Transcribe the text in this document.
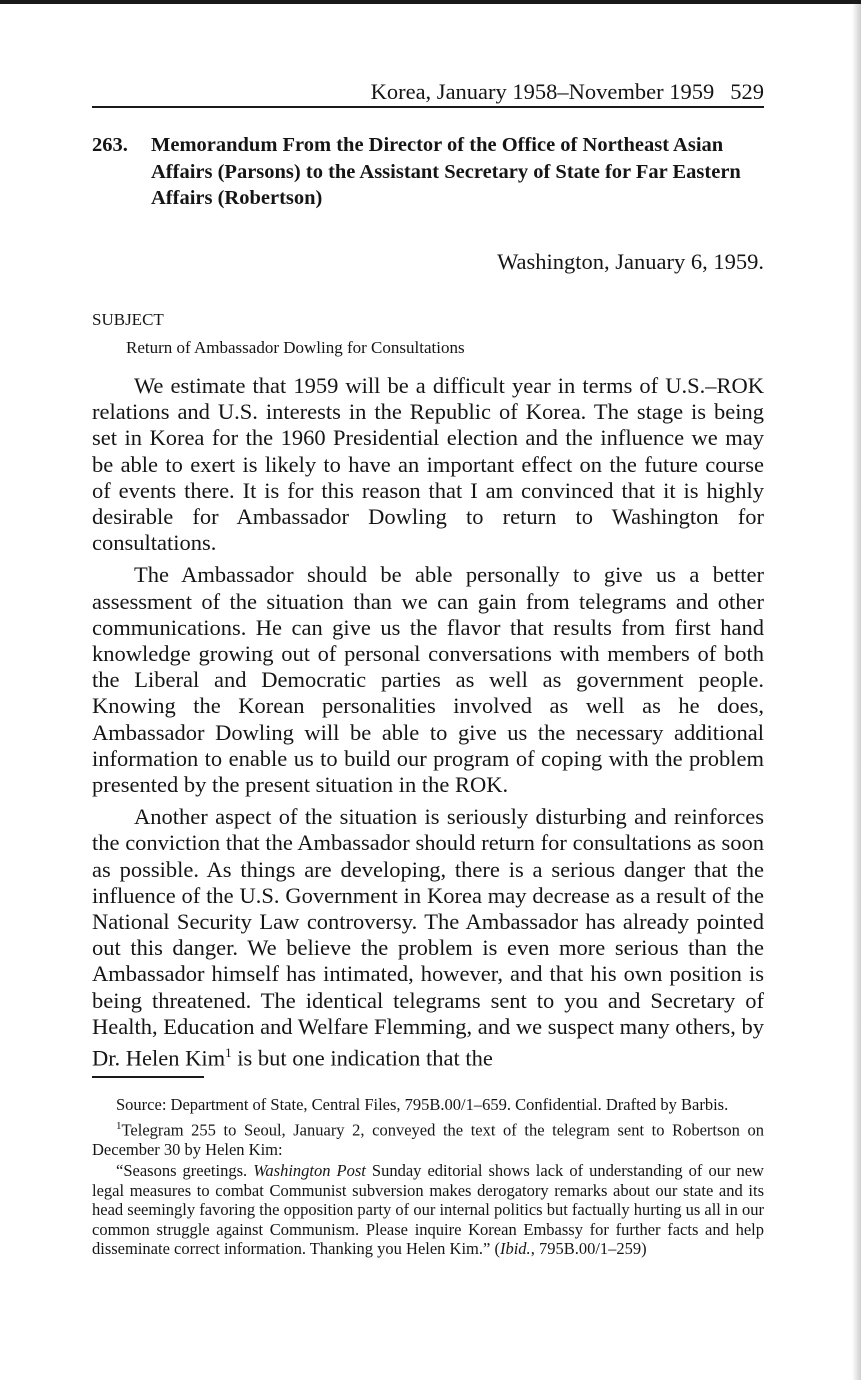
Korea, January 1958–November 1959 529
263. Memorandum From the Director of the Office of Northeast Asian Affairs (Parsons) to the Assistant Secretary of State for Far Eastern Affairs (Robertson)
Washington, January 6, 1959.
SUBJECT
Return of Ambassador Dowling for Consultations

We estimate that 1959 will be a difficult year in terms of U.S.–ROK relations and U.S. interests in the Republic of Korea. The stage is being set in Korea for the 1960 Presidential election and the influence we may be able to exert is likely to have an important effect on the future course of events there. It is for this reason that I am convinced that it is highly desirable for Ambassador Dowling to return to Washington for consultations.

The Ambassador should be able personally to give us a better assessment of the situation than we can gain from telegrams and other communications. He can give us the flavor that results from first hand knowledge growing out of personal conversations with members of both the Liberal and Democratic parties as well as government people. Knowing the Korean personalities involved as well as he does, Ambassador Dowling will be able to give us the necessary additional information to enable us to build our program of coping with the problem presented by the present situation in the ROK.

Another aspect of the situation is seriously disturbing and reinforces the conviction that the Ambassador should return for consultations as soon as possible. As things are developing, there is a serious danger that the influence of the U.S. Government in Korea may decrease as a result of the National Security Law controversy. The Ambassador has already pointed out this danger. We believe the problem is even more serious than the Ambassador himself has intimated, however, and that his own position is being threatened. The identical telegrams sent to you and Secretary of Health, Education and Welfare Flemming, and we suspect many others, by Dr. Helen Kim$^1$ is but one indication that the

Source: Department of State, Central Files, 795B.00/1–659. Confidential. Drafted by Barbis.

$^1$Telegram 255 to Seoul, January 2, conveyed the text of the telegram sent to Robertson on December 30 by Helen Kim:

“Seasons greetings. Washington Post Sunday editorial shows lack of understanding of our new legal measures to combat Communist subversion makes derogatory remarks about our state and its head seemingly favoring the opposition party of our internal politics but factually hurting us all in our common struggle against Communism. Please inquire Korean Embassy for further facts and help disseminate correct information. Thanking you Helen Kim.” (Ibid., 795B.00/1–259)
